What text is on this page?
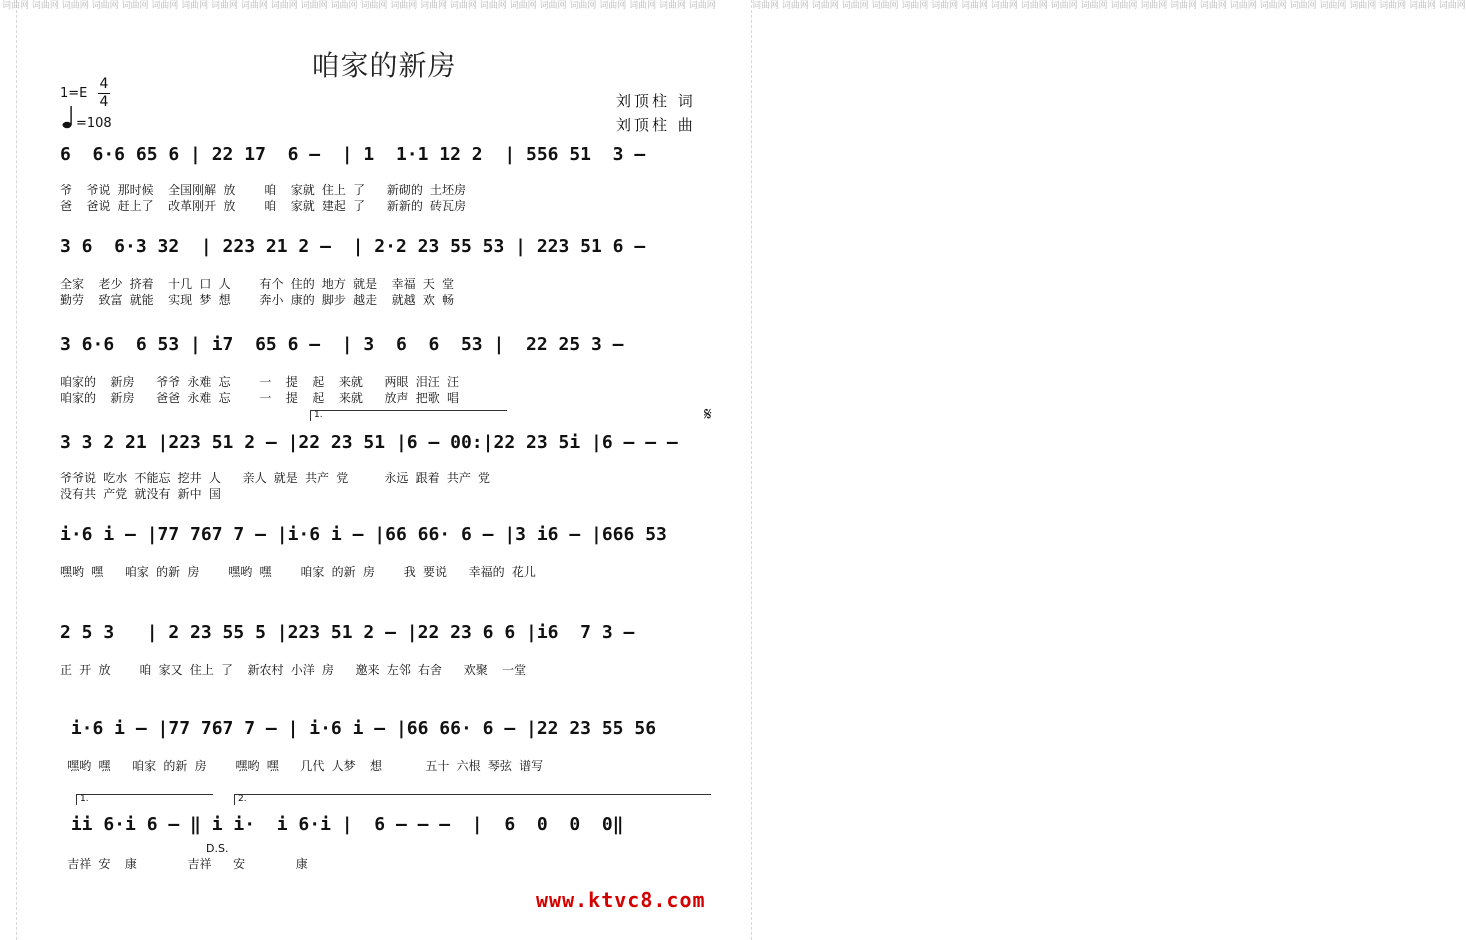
词曲网 词曲网 词曲网 词曲网 词曲网 词曲网 词曲网 词曲网 词曲网 词曲网 词曲网 词曲网 词曲网 词曲网 词曲网 词曲网 词曲网 词曲网 词曲网 词曲网 词曲网 词曲网 词曲网 词曲网	词曲网 词曲网 词曲网 词曲网 词曲网 词曲网 词曲网 词曲网 词曲网 词曲网 词曲网 词曲网 词曲网 词曲网 词曲网 词曲网 词曲网 词曲网 词曲网 词曲网 词曲网 词曲网 词曲网 词曲网
咱家的新房
1=E
4
4
=108
刘顶柱 词
刘顶柱 曲
6  6·6 65 6 | 22 17  6 –  | 1  1·1 12 2  | 556 51  3 –
爷  爷说 那时候  全国刚解 放    咱  家就 住上 了   新砌的 土坯房
爸  爸说 赶上了  改革刚开 放    咱  家就 建起 了   新新的 砖瓦房
3 6  6·3 32  | 223 21 2 –  | 2·2 23 55 53 | 223 51 6 –
全家  老少 挤着  十几 口 人    有个 住的 地方 就是  幸福 天 堂
勤劳  致富 就能  实现 梦 想    奔小 康的 脚步 越走  就越 欢 畅
3 6·6  6 53 | i7  65 6 –  | 3  6  6  53 |  22 25 3 –
咱家的  新房   爷爷 永难 忘    一  提  起  来就   两眼 泪汪 汪
咱家的  新房   爸爸 永难 忘    一  提  起  来就   放声 把歌 唱
1.
3 3 2 21 |223 51 2 – |22 23 51 |6 – 00:|22 23 5i |6 – – –
𝄋
爷爷说 吃水 不能忘 挖井 人   亲人 就是 共产 党     永远 跟着 共产 党
没有共 产党 就没有 新中 国
i·6 i – |77 767 7 – |i·6 i – |66 66· 6 – |3 i6 – |666 53
嘿哟 嘿   咱家 的新 房    嘿哟 嘿    咱家 的新 房    我 要说   幸福的 花儿
2 5 3   | 2 23 55 5 |223 51 2 – |22 23 6 6 |i6  7 3 –
正 开 放    咱 家又 住上 了  新农村 小洋 房   邀来 左邻 右舍   欢聚  一堂
i·6 i – |77 767 7 – | i·6 i – |66 66· 6 – |22 23 55 56
嘿哟 嘿   咱家 的新 房    嘿哟 嘿   几代 人梦  想      五十 六根 琴弦 谱写
1.	2.
ii 6·i 6 – ‖ i i·  i 6·i |  6 – – –  |  6  0  0  0‖
D.S.
吉祥 安  康       吉祥   安       康
www.ktvc8.com
